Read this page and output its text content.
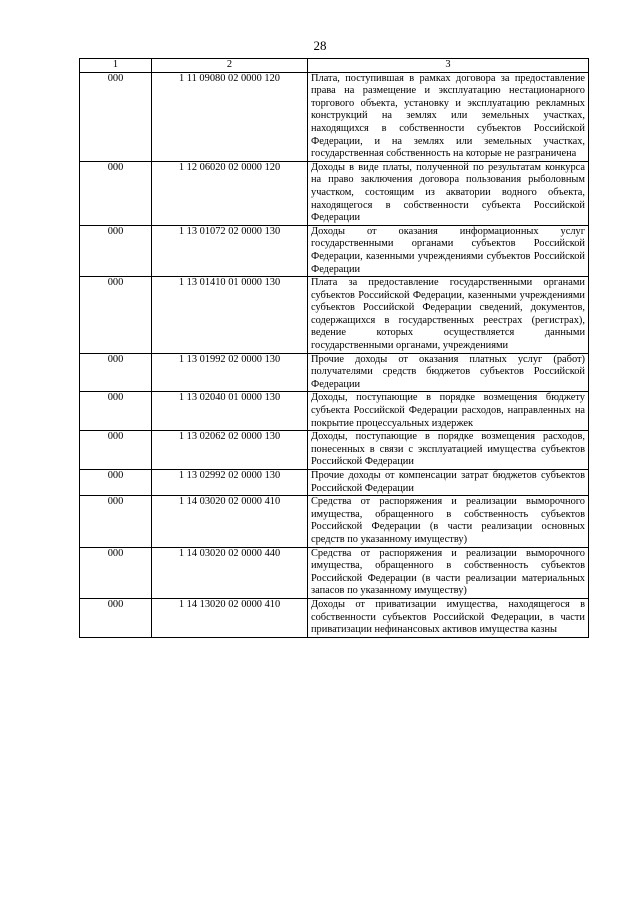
28
1	2	3
000	1 11 09080 02 0000 120	Плата, поступившая в рамках договора за предоставление права на размещение и эксплуатацию нестационарного торгового объекта, установку и эксплуатацию рекламных конструкций на землях или земельных участках, находящихся в собственности субъектов Российской Федерации, и на землях или земельных участках, государственная собственность на которые не разграничена
000	1 12 06020 02 0000 120	Доходы в виде платы, полученной по результатам конкурса на право заключения договора пользования рыболовным участком, состоящим из акватории водного объекта, находящегося в собственности субъекта Российской Федерации
000	1 13 01072 02 0000 130	Доходы от оказания информационных услуг государственными органами субъектов Российской Федерации, казенными учреждениями субъектов Российской Федерации
000	1 13 01410 01 0000 130	Плата за предоставление государственными органами субъектов Российской Федерации, казенными учреждениями субъектов Российской Федерации сведений, документов, содержащихся в государственных реестрах (регистрах), ведение которых осуществляется данными государственными органами, учреждениями
000	1 13 01992 02 0000 130	Прочие доходы от оказания платных услуг (работ) получателями средств бюджетов субъектов Российской Федерации
000	1 13 02040 01 0000 130	Доходы, поступающие в порядке возмещения бюджету субъекта Российской Федерации расходов, направленных на покрытие процессуальных издержек
000	1 13 02062 02 0000 130	Доходы, поступающие в порядке возмещения расходов, понесенных в связи с эксплуатацией имущества субъектов Российской Федерации
000	1 13 02992 02 0000 130	Прочие доходы от компенсации затрат бюджетов субъектов Российской Федерации
000	1 14 03020 02 0000 410	Средства от распоряжения и реализации выморочного имущества, обращенного в собственность субъектов Российской Федерации (в части реализации основных средств по указанному имуществу)
000	1 14 03020 02 0000 440	Средства от распоряжения и реализации выморочного имущества, обращенного в собственность субъектов Российской Федерации (в части реализации материальных запасов по указанному имуществу)
000	1 14 13020 02 0000 410	Доходы от приватизации имущества, находящегося в собственности субъектов Российской Федерации, в части приватизации нефинансовых активов имущества казны
